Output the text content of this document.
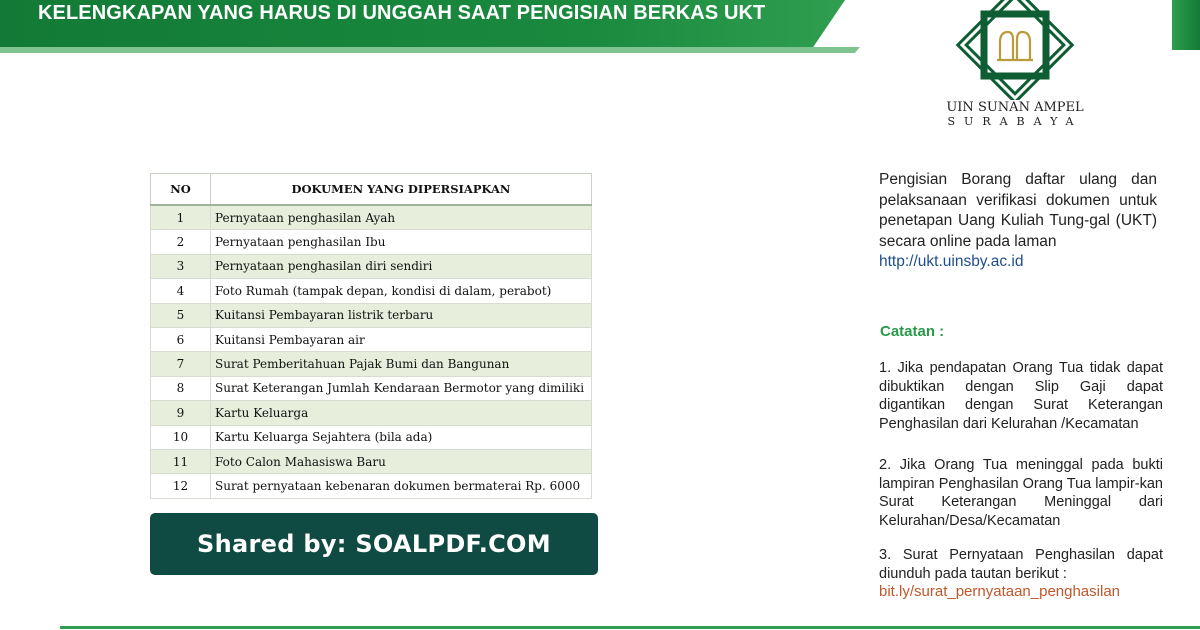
KELENGKAPAN YANG HARUS DI UNGGAH SAAT PENGISIAN BERKAS UKT
UIN SUNAN AMPEL
SURABAYA
NO	DOKUMEN YANG DIPERSIAPKAN
1	Pernyataan penghasilan Ayah
2	Pernyataan penghasilan Ibu
3	Pernyataan penghasilan diri sendiri
4	Foto Rumah (tampak depan, kondisi di dalam, perabot)
5	Kuitansi Pembayaran listrik terbaru
6	Kuitansi Pembayaran air
7	Surat Pemberitahuan Pajak Bumi dan Bangunan
8	Surat Keterangan Jumlah Kendaraan Bermotor yang dimiliki
9	Kartu Keluarga
10	Kartu Keluarga Sejahtera (bila ada)
11	Foto Calon Mahasiswa Baru
12	Surat pernyataan kebenaran dokumen bermaterai Rp. 6000
Shared by: SOALPDF.COM
Pengisian Borang daftar ulang dan pelaksanaan verifikasi dokumen untuk penetapan Uang Kuliah Tung-gal (UKT) secara online pada laman
http://ukt.uinsby.ac.id
Catatan :
1. Jika pendapatan Orang Tua tidak dapat dibuktikan dengan Slip Gaji dapat digantikan dengan Surat Keterangan Penghasilan dari Kelurahan /Kecamatan
2. Jika Orang Tua meninggal pada bukti lampiran Penghasilan Orang Tua lampir-kan Surat Keterangan Meninggal dari Kelurahan/Desa/Kecamatan
3. Surat Pernyataan Penghasilan dapat diunduh pada tautan berikut :
bit.ly/surat_pernyataan_penghasilan
